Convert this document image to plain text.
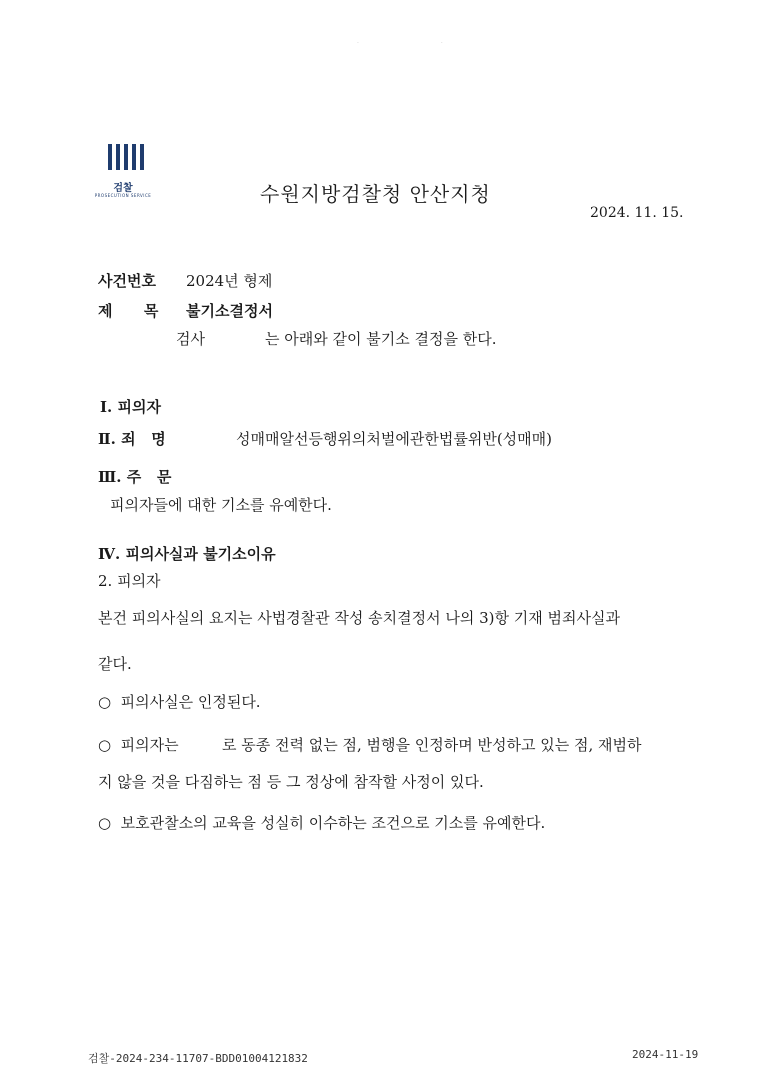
· ·
검찰
PROSECUTION SERVICE	수원지방검찰청 안산지청
2024. 11. 15.
사건번호 2024년 형제
제      목 불기소결정서
검사	는 아래와 같이 불기소 결정을 한다.
Ⅰ. 피의자
Ⅱ. 죄   명	성매매알선등행위의처벌에관한법률위반(성매매)
Ⅲ. 주   문
피의자들에 대한 기소를 유예한다.
Ⅳ. 피의사실과 불기소이유
2. 피의자
본건 피의사실의 요지는 사법경찰관 작성 송치결정서 나의 3)항 기재 범죄사실과
같다.
○  피의사실은 인정된다.
○  피의자는	로 동종 전력 없는 점, 범행을 인정하며 반성하고 있는 점, 재범하
지 않을 것을 다짐하는 점 등 그 정상에 참작할 사정이 있다.
○  보호관찰소의 교육을 성실히 이수하는 조건으로 기소를 유예한다.
검찰-2024-234-11707-BDD01004121832	2024-11-19
